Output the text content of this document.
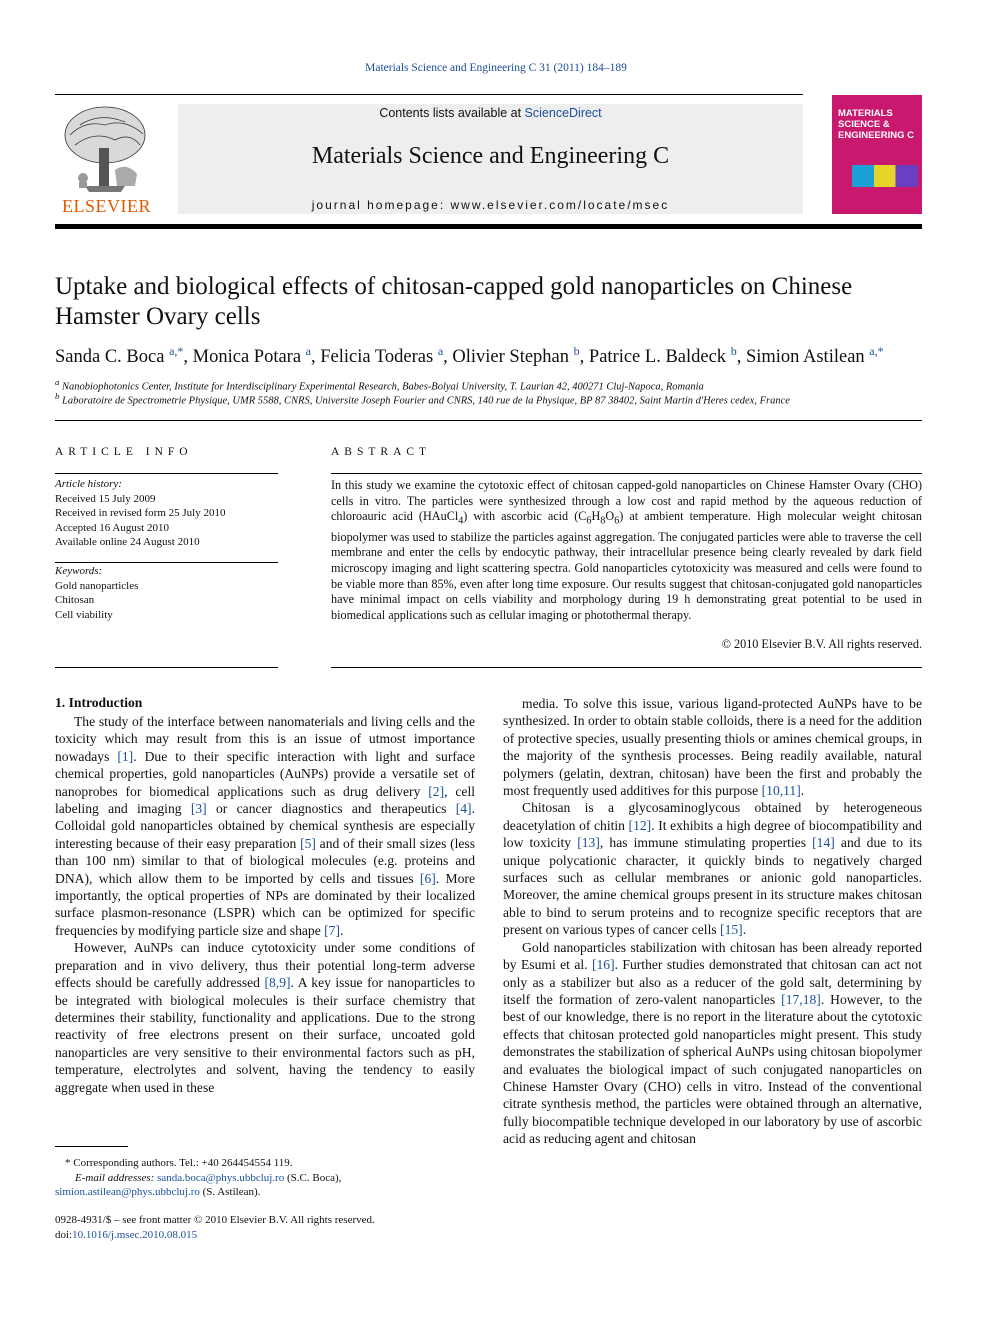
Materials Science and Engineering C 31 (2011) 184–189
ELSEVIER
Contents lists available at ScienceDirect
Materials Science and Engineering C
journal homepage: www.elsevier.com/locate/msec
MATERIALS SCIENCE & ENGINEERING C
Uptake and biological effects of chitosan-capped gold nanoparticles on Chinese Hamster Ovary cells
Sanda C. Boca $^{a,*}$, Monica Potara $^a$, Felicia Toderas $^a$, Olivier Stephan $^b$, Patrice L. Baldeck $^b$, Simion Astilean $^{a,*}$
$^a$ Nanobiophotonics Center, Institute for Interdisciplinary Experimental Research, Babes-Bolyai University, T. Laurian 42, 400271 Cluj-Napoca, Romania
$^b$ Laboratoire de Spectrometrie Physique, UMR 5588, CNRS, Universite Joseph Fourier and CNRS, 140 rue de la Physique, BP 87 38402, Saint Martin d'Heres cedex, France
ARTICLE INFO	ABSTRACT
Article history:
Received 15 July 2009
Received in revised form 25 July 2010
Accepted 16 August 2010
Available online 24 August 2010
Keywords:
Gold nanoparticles
Chitosan
Cell viability
In this study we examine the cytotoxic effect of chitosan capped-gold nanoparticles on Chinese Hamster Ovary (CHO) cells in vitro. The particles were synthesized through a low cost and rapid method by the aqueous reduction of chloroauric acid (HAuCl$_4$) with ascorbic acid $(C_6H_8O_6)$ at ambient temperature. High molecular weight chitosan biopolymer was used to stabilize the particles against aggregation. The conjugated particles were able to traverse the cell membrane and enter the cells by endocytic pathway, their intracellular presence being clearly revealed by dark field microscopy imaging and light scattering spectra. Gold nanoparticles cytotoxicity was measured and cells were found to be viable more than 85%, even after long time exposure. Our results suggest that chitosan-conjugated gold nanoparticles have minimal impact on cells viability and morphology during 19 h demonstrating great potential to be used in biomedical applications such as cellular imaging or photothermal therapy.
© 2010 Elsevier B.V. All rights reserved.
1. Introduction

The study of the interface between nanomaterials and living cells and the toxicity which may result from this is an issue of utmost importance nowadays [1]. Due to their specific interaction with light and surface chemical properties, gold nanoparticles (AuNPs) provide a versatile set of nanoprobes for biomedical applications such as drug delivery [2], cell labeling and imaging [3] or cancer diagnostics and therapeutics [4]. Colloidal gold nanoparticles obtained by chemical synthesis are especially interesting because of their easy preparation [5] and of their small sizes (less than 100 nm) similar to that of biological molecules (e.g. proteins and DNA), which allow them to be imported by cells and tissues [6]. More importantly, the optical properties of NPs are dominated by their localized surface plasmon-resonance (LSPR) which can be optimized for specific frequencies by modifying particle size and shape [7].

However, AuNPs can induce cytotoxicity under some conditions of preparation and in vivo delivery, thus their potential long-term adverse effects should be carefully addressed [8,9]. A key issue for nanoparticles to be integrated with biological molecules is their surface chemistry that determines their stability, functionality and applications. Due to the strong reactivity of free electrons present on their surface, uncoated gold nanoparticles are very sensitive to their environmental factors such as pH, temperature, electrolytes and solvent, having the tendency to easily aggregate when used in these

media. To solve this issue, various ligand-protected AuNPs have to be synthesized. In order to obtain stable colloids, there is a need for the addition of protective species, usually presenting thiols or amines chemical groups, in the majority of the synthesis processes. Being readily available, natural polymers (gelatin, dextran, chitosan) have been the first and probably the most frequently used additives for this purpose [10,11].

Chitosan is a glycosaminoglycous obtained by heterogeneous deacetylation of chitin [12]. It exhibits a high degree of biocompatibility and low toxicity [13], has immune stimulating properties [14] and due to its unique polycationic character, it quickly binds to negatively charged surfaces such as cellular membranes or anionic gold nanoparticles. Moreover, the amine chemical groups present in its structure makes chitosan able to bind to serum proteins and to recognize specific receptors that are present on various types of cancer cells [15].

Gold nanoparticles stabilization with chitosan has been already reported by Esumi et al. [16]. Further studies demonstrated that chitosan can act not only as a stabilizer but also as a reducer of the gold salt, determining by itself the formation of zero-valent nanoparticles [17,18]. However, to the best of our knowledge, there is no report in the literature about the cytotoxic effects that chitosan protected gold nanoparticles might present. This study demonstrates the stabilization of spherical AuNPs using chitosan biopolymer and evaluates the biological impact of such conjugated nanoparticles on Chinese Hamster Ovary (CHO) cells in vitro. Instead of the conventional citrate synthesis method, the particles were obtained through an alternative, fully biocompatible technique developed in our laboratory by use of ascorbic acid as reducing agent and chitosan

* Corresponding authors. Tel.: +40 264454554 119.
E-mail addresses: sanda.boca@phys.ubbcluj.ro (S.C. Boca),
simion.astilean@phys.ubbcluj.ro (S. Astilean).
0928-4931/$ – see front matter © 2010 Elsevier B.V. All rights reserved.
doi:10.1016/j.msec.2010.08.015
